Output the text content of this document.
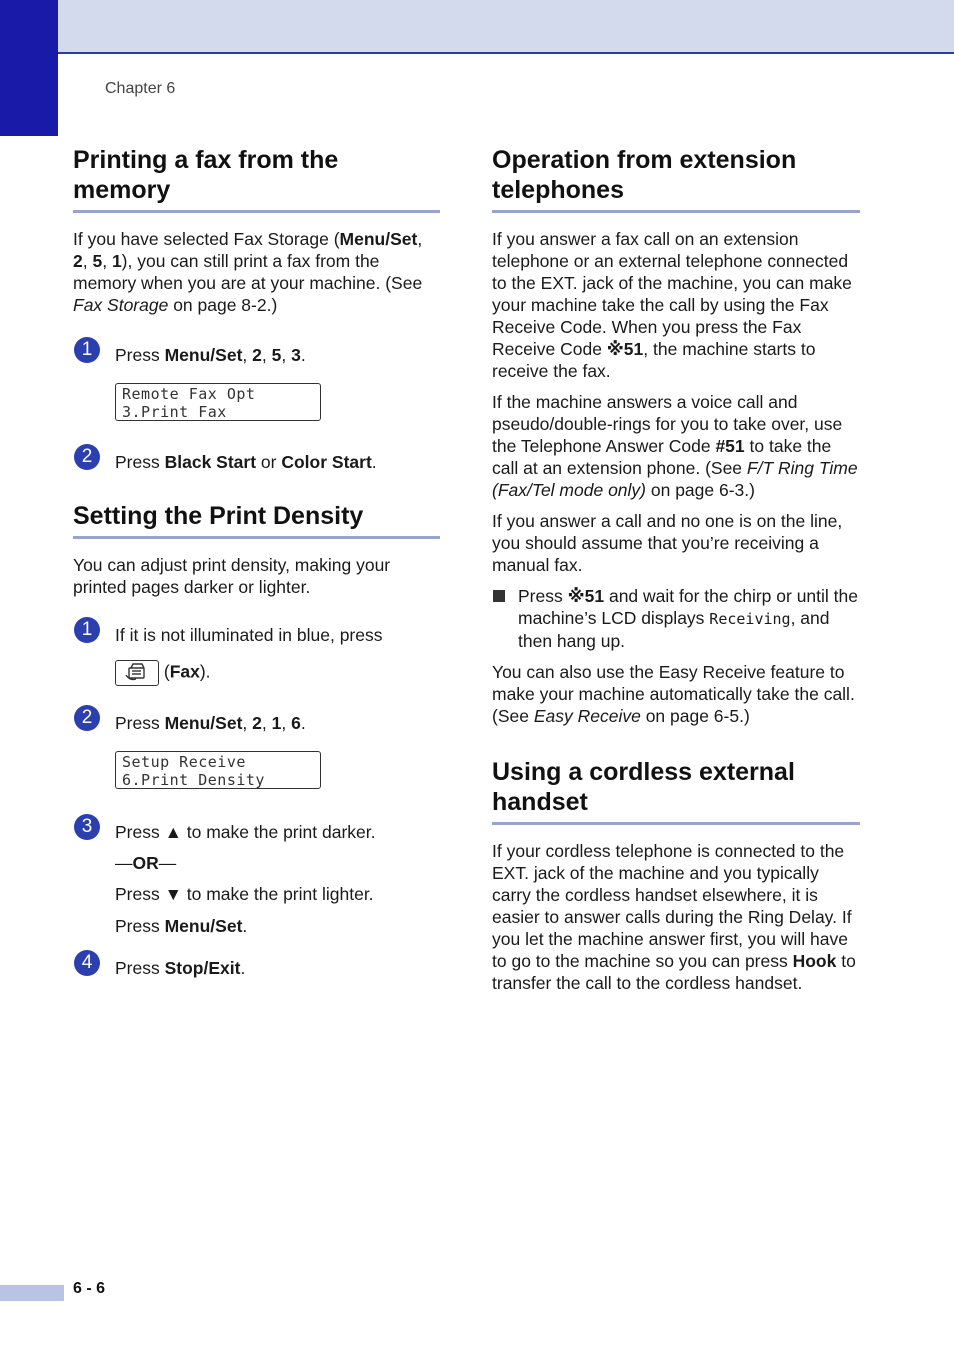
Chapter 6
Printing a fax from the memory

If you have selected Fax Storage (Menu/Set, 2, 5, 1), you can still print a fax from the memory when you are at your machine. (See Fax Storage on page 8-2.)

1	Press Menu/Set, 2, 5, 3.
Remote Fax Opt
3.Print Fax
2	Press Black Start or Color Start.
Setting the Print Density

You can adjust print density, making your printed pages darker or lighter.

1	If it is not illuminated in blue, press
(Fax).
2	Press Menu/Set, 2, 1, 6.
Setup Receive
6.Print Density
3	Press ▲ to make the print darker.
—OR—
Press ▼ to make the print lighter.
Press Menu/Set.
4	Press Stop/Exit.
Operation from extension telephones

If you answer a fax call on an extension telephone or an external telephone connected to the EXT. jack of the machine, you can make your machine take the call by using the Fax Receive Code. When you press the Fax Receive Code ※51, the machine starts to receive the fax.

If the machine answers a voice call and pseudo/double-rings for you to take over, use the Telephone Answer Code #51 to take the call at an extension phone. (See F/T Ring Time (Fax/Tel mode only) on page 6-3.)

If you answer a call and no one is on the line, you should assume that you’re receiving a manual fax.

Press ※51 and wait for the chirp or until the machine’s LCD displays Receiving, and then hang up.

You can also use the Easy Receive feature to make your machine automatically take the call. (See Easy Receive on page 6-5.)

Using a cordless external handset

If your cordless telephone is connected to the EXT. jack of the machine and you typically carry the cordless handset elsewhere, it is easier to answer calls during the Ring Delay. If you let the machine answer first, you will have to go to the machine so you can press Hook to transfer the call to the cordless handset.

6 - 6
